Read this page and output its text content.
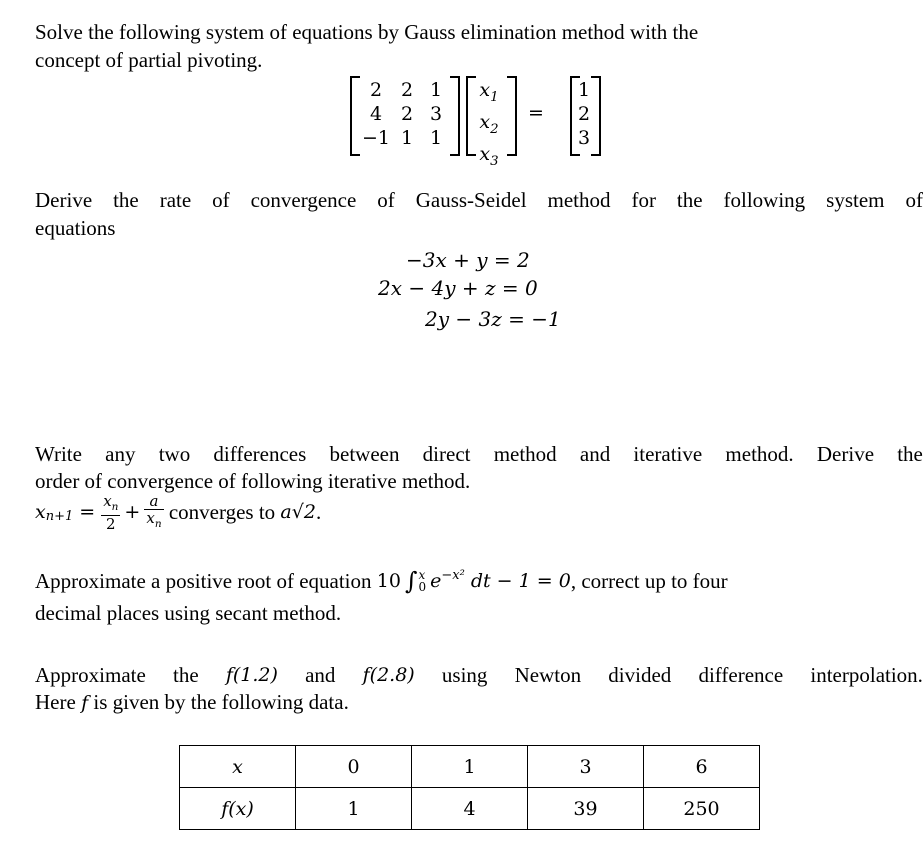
Solve the following system of equations by Gauss elimination method with the
concept of partial pivoting.
2 2 1
4 2 3
−1 1 1
$x_1$
$x_2$
$x_3$
=
1
2
3
Derive the rate of convergence of Gauss-Seidel method for the following system of
equations
−3x + y = 2
2x − 4y + z = 0
2y − 3z = −1
Write any two differences between direct method and iterative method. Derive the
order of convergence of following iterative method.
$x_{n+1} = \frac{x_n}{2} + \frac{a}{x_n}$ converges to a√2 .
Approximate a positive root of equation 10 ∫ x
0 $e^{-x^2}$ dt − 1 = 0 , correct up to four
decimal places using secant method.
Approximate the f(1.2) and f(2.8) using Newton divided difference interpolation.
Here f is given by the following data.
x	0	1	3	6
f(x)	1	4	39	250
